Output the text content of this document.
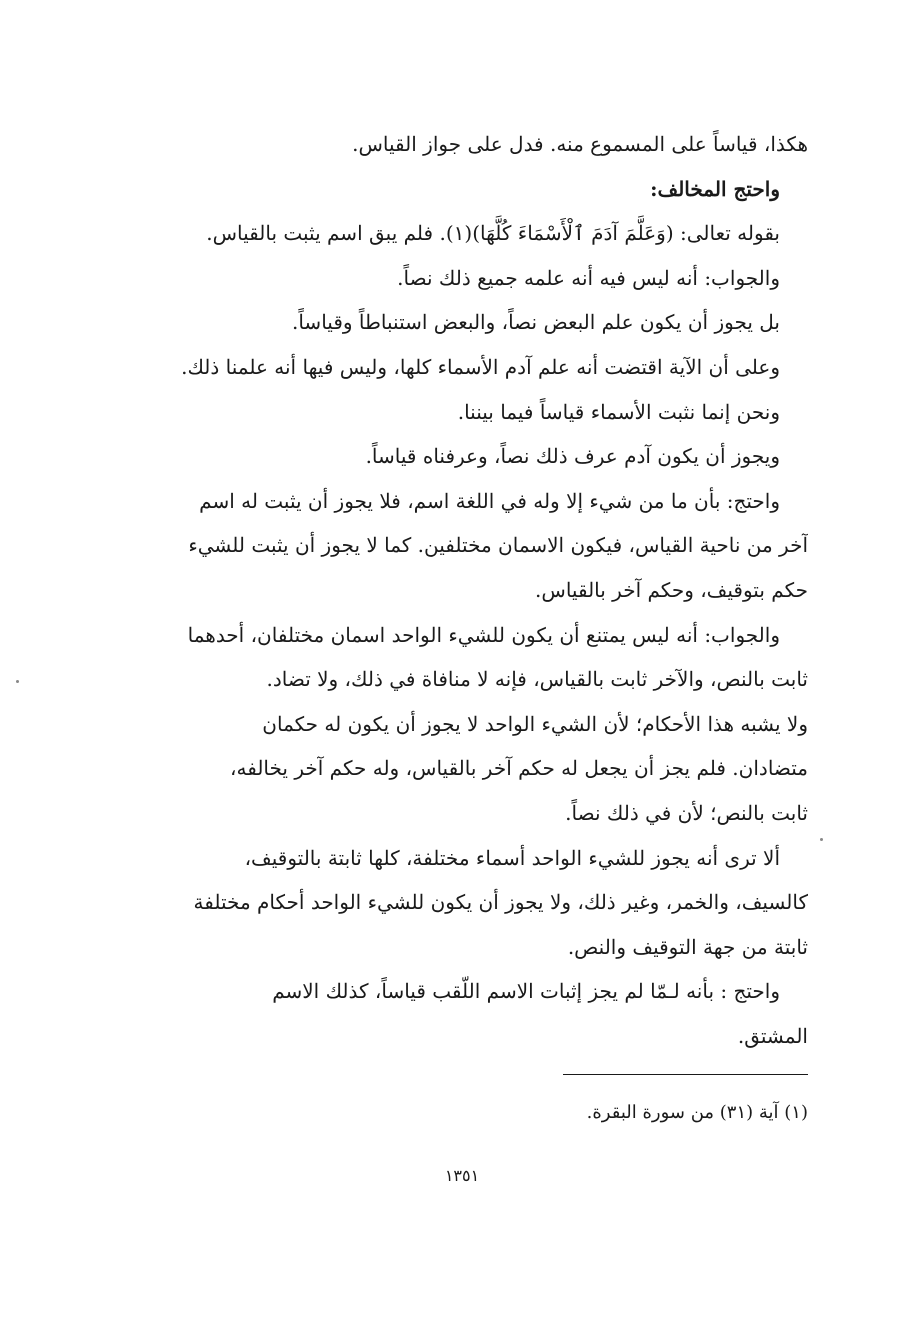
هكذا، قياساً على المسموع منه. فدل على جواز القياس.
واحتج المخالف:
بقوله تعالى: (وَعَلَّمَ آدَمَ ٱلْأَسْمَاءَ كُلَّهَا)(١). فلم يبق اسم يثبت بالقياس.
والجواب: أنه ليس فيه أنه علمه جميع ذلك نصاً.
بل يجوز أن يكون علم البعض نصاً، والبعض استنباطاً وقياساً.
وعلى أن الآية اقتضت أنه علم آدم الأسماء كلها، وليس فيها أنه علمنا ذلك.
ونحن إنما نثبت الأسماء قياساً فيما بيننا.
ويجوز أن يكون آدم عرف ذلك نصاً، وعرفناه قياساً.
واحتج: بأن ما من شيء إلا وله في اللغة اسم، فلا يجوز أن يثبت له اسم
آخر من ناحية القياس، فيكون الاسمان مختلفين. كما لا يجوز أن يثبت للشيء
حكم بتوقيف، وحكم آخر بالقياس.
والجواب: أنه ليس يمتنع أن يكون للشيء الواحد اسمان مختلفان، أحدهما
ثابت بالنص، والآخر ثابت بالقياس، فإنه لا منافاة في ذلك، ولا تضاد.
ولا يشبه هذا الأحكام؛ لأن الشيء الواحد لا يجوز أن يكون له حكمان
متضادان. فلم يجز أن يجعل له حكم آخر بالقياس، وله حكم آخر يخالفه،
ثابت بالنص؛ لأن في ذلك نصاً.
ألا ترى أنه يجوز للشيء الواحد أسماء مختلفة، كلها ثابتة بالتوقيف،
كالسيف، والخمر، وغير ذلك، ولا يجوز أن يكون للشيء الواحد أحكام مختلفة
ثابتة من جهة التوقيف والنص.
واحتج : بأنه لـمّا لم يجز إثبات الاسم اللّقب قياساً، كذلك الاسم
المشتق.
(١) آية (٣١) من سورة البقرة.
١٣٥١
